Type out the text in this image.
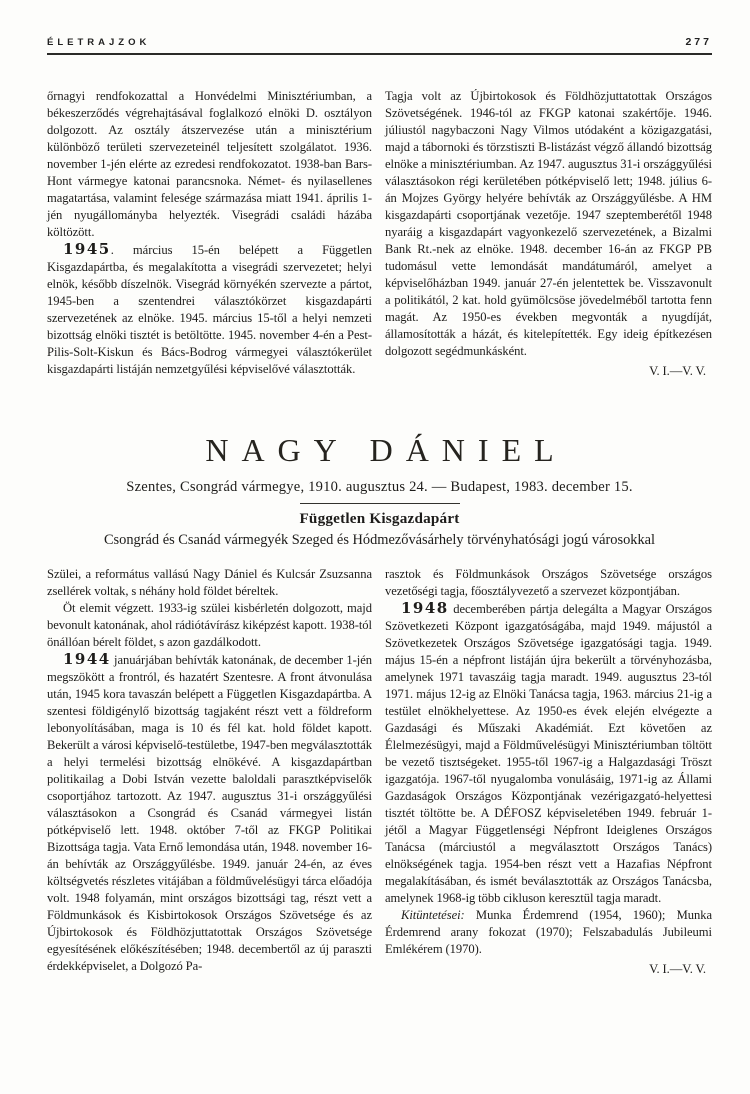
ÉLETRAJZOK	277

őrnagyi rendfokozattal a Honvédelmi Minisztériumban, a békeszerződés végrehajtásával foglalkozó elnöki D. osztályon dolgozott. Az osztály átszervezése után a minisztérium különböző területi szervezeteinél teljesített szolgálatot. 1936. november 1-jén elérte az ezredesi rendfokozatot. 1938-ban Bars-Hont vármegye katonai parancsnoka. Német- és nyilasellenes magatartása, valamint felesége származása miatt 1941. április 1-jén nyugállományba helyezték. Visegrádi családi házába költözött.

1945. március 15-én belépett a Független Kisgazdapártba, és megalakította a visegrádi szervezetet; helyi elnök, később díszelnök. Visegrád környékén szervezte a pártot, 1945-ben a szentendrei választókörzet kisgazdapárti szervezetének az elnöke. 1945. március 15-től a helyi nemzeti bizottság elnöki tisztét is betöltötte. 1945. november 4-én a Pest-Pilis-Solt-Kiskun és Bács-Bodrog vármegyei választókerület kisgazdapárti listáján nemzetgyűlési képviselővé választották.

Tagja volt az Újbirtokosok és Földhözjuttatottak Országos Szövetségének. 1946-tól az FKGP katonai szakértője. 1946. júliustól nagybaczoni Nagy Vilmos utódaként a közigazgatási, majd a tábornoki és törzstiszti B-listázást végző állandó bizottság elnöke a minisztériumban. Az 1947. augusztus 31-i országgyűlési választásokon régi kerületében pótképviselő lett; 1948. július 6-án Mojzes György helyére behívták az Országgyűlésbe. A HM kisgazdapárti csoportjának vezetője. 1947 szeptemberétől 1948 nyaráig a kisgazdapárt vagyonkezelő szervezetének, a Bizalmi Bank Rt.-nek az elnöke. 1948. december 16-án az FKGP PB tudomásul vette lemondását mandátumáról, amelyet a képviselőházban 1949. január 27-én jelentettek be. Visszavonult a politikától, 2 kat. hold gyümölcsöse jövedelméből tartotta fenn magát. Az 1950-es években megvonták a nyugdíját, államosították a házát, és kitelepítették. Egy ideig építkezésen dolgozott segédmunkásként.

V. I.—V. V.

NAGY DÁNIEL

Szentes, Csongrád vármegye, 1910. augusztus 24. — Budapest, 1983. december 15.

Független Kisgazdapárt

Csongrád és Csanád vármegyék Szeged és Hódmezővásárhely törvényhatósági jogú városokkal

Szülei, a református vallású Nagy Dániel és Kulcsár Zsuzsanna zsellérek voltak, s néhány hold földet béreltek.

Öt elemit végzett. 1933-ig szülei kisbérletén dolgozott, majd bevonult katonának, ahol rádiótávírász kiképzést kapott. 1938-tól önállóan bérelt földet, s azon gazdálkodott.

1944 januárjában behívták katonának, de december 1-jén megszökött a frontról, és hazatért Szentesre. A front átvonulása után, 1945 kora tavaszán belépett a Független Kisgazdapártba. A szentesi földigénylő bizottság tagjaként részt vett a földreform lebonyolításában, maga is 10 és fél kat. hold földet kapott. Bekerült a városi képviselő-testületbe, 1947-ben megválasztották a helyi termelési bizottság elnökévé. A kisgazdapártban politikailag a Dobi István vezette baloldali parasztképviselők csoportjához tartozott. Az 1947. augusztus 31-i országgyűlési választásokon a Csongrád és Csanád vármegyei listán pótképviselő lett. 1948. október 7-től az FKGP Politikai Bizottsága tagja. Vata Ernő lemondása után, 1948. november 16-án behívták az Országgyűlésbe. 1949. január 24-én, az éves költségvetés részletes vitájában a földművelésügyi tárca előadója volt. 1948 folyamán, mint országos bizottsági tag, részt vett a Földmunkások és Kisbirtokosok Országos Szövetsége és az Újbirtokosok és Földhözjuttatottak Országos Szövetsége egyesítésének előkészítésében; 1948. decembertől az új paraszti érdekképviselet, a Dolgozó Pa-

rasztok és Földmunkások Országos Szövetsége országos vezetőségi tagja, főosztályvezető a szervezet központjában.

1948 decemberében pártja delegálta a Magyar Országos Szövetkezeti Központ igazgatóságába, majd 1949. májustól a Szövetkezetek Országos Szövetsége igazgatósági tagja. 1949. május 15-én a népfront listáján újra bekerült a törvényhozásba, amelynek 1971 tavaszáig tagja maradt. 1949. augusztus 23-tól 1971. május 12-ig az Elnöki Tanácsa tagja, 1963. március 21-ig a testület elnökhelyettese. Az 1950-es évek elején elvégezte a Gazdasági és Műszaki Akadémiát. Ezt követően az Élelmezésügyi, majd a Földművelésügyi Minisztériumban töltött be vezető tisztségeket. 1955-től 1967-ig a Halgazdasági Tröszt igazgatója. 1967-től nyugalomba vonulásáig, 1971-ig az Állami Gazdaságok Országos Központjának vezérigazgató-helyettesi tisztét töltötte be. A DÉFOSZ képviseletében 1949. február 1-jétől a Magyar Függetlenségi Népfront Ideiglenes Országos Tanácsa (márciustól a megválasztott Országos Tanács) elnökségének tagja. 1954-ben részt vett a Hazafias Népfront megalakításában, és ismét beválasztották az Országos Tanácsba, amelynek 1968-ig több cikluson keresztül tagja maradt.

Kitüntetései: Munka Érdemrend (1954, 1960); Munka Érdemrend arany fokozat (1970); Felszabadulás Jubileumi Emlékérem (1970).

V. I.—V. V.
